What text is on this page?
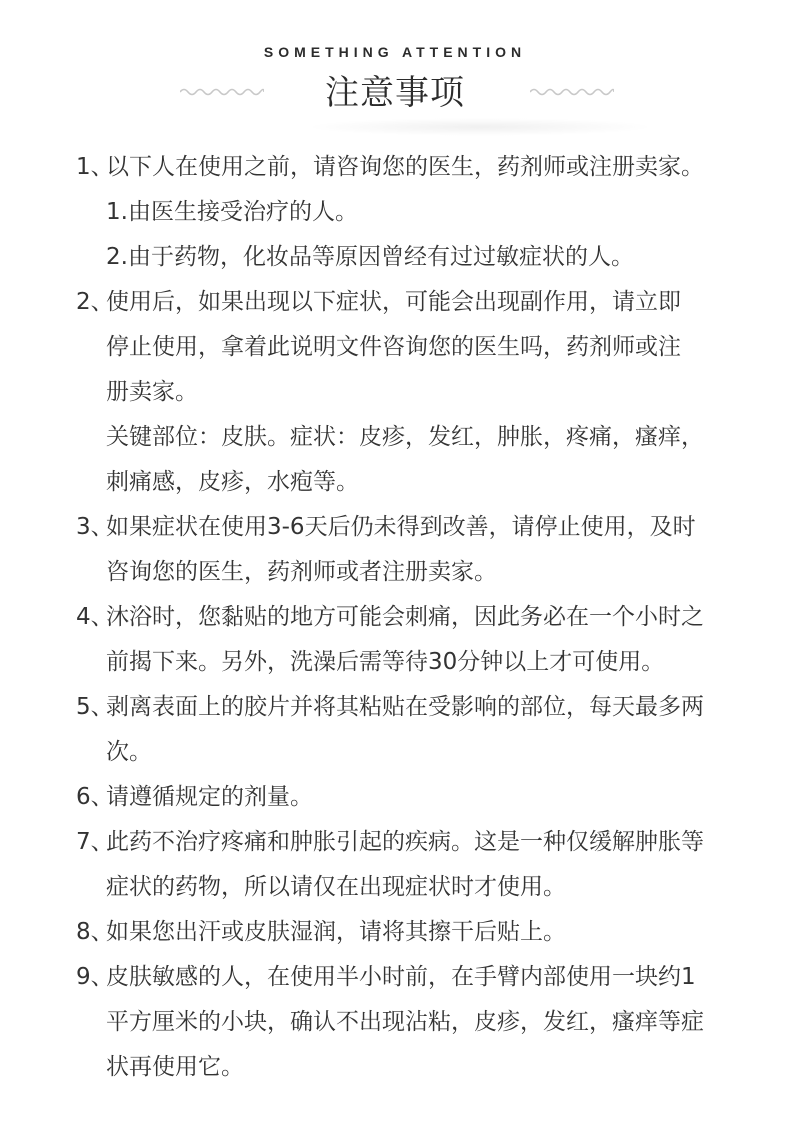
SOMETHING ATTENTION
注意事项
1、
以下人在使用之前，请咨询您的医生，药剂师或注册卖家。
1.由医生接受治疗的人。
2.由于药物，化妆品等原因曾经有过过敏症状的人。
2、
使用后，如果出现以下症状，可能会出现副作用，请立即
停止使用，拿着此说明文件咨询您的医生吗，药剂师或注
册卖家。
关键部位：皮肤。症状：皮疹，发红，肿胀，疼痛，瘙痒，
刺痛感，皮疹，水疱等。
3、
如果症状在使用3-6天后仍未得到改善，请停止使用，及时
咨询您的医生，药剂师或者注册卖家。
4、
沐浴时，您黏贴的地方可能会刺痛，因此务必在一个小时之
前揭下来。另外，洗澡后需等待30分钟以上才可使用。
5、
剥离表面上的胶片并将其粘贴在受影响的部位，每天最多两
次。
6、
请遵循规定的剂量。
7、
此药不治疗疼痛和肿胀引起的疾病。这是一种仅缓解肿胀等
症状的药物，所以请仅在出现症状时才使用。
8、
如果您出汗或皮肤湿润，请将其擦干后贴上。
9、
皮肤敏感的人，在使用半小时前，在手臂内部使用一块约1
平方厘米的小块，确认不出现沾粘，皮疹，发红，瘙痒等症
状再使用它。
